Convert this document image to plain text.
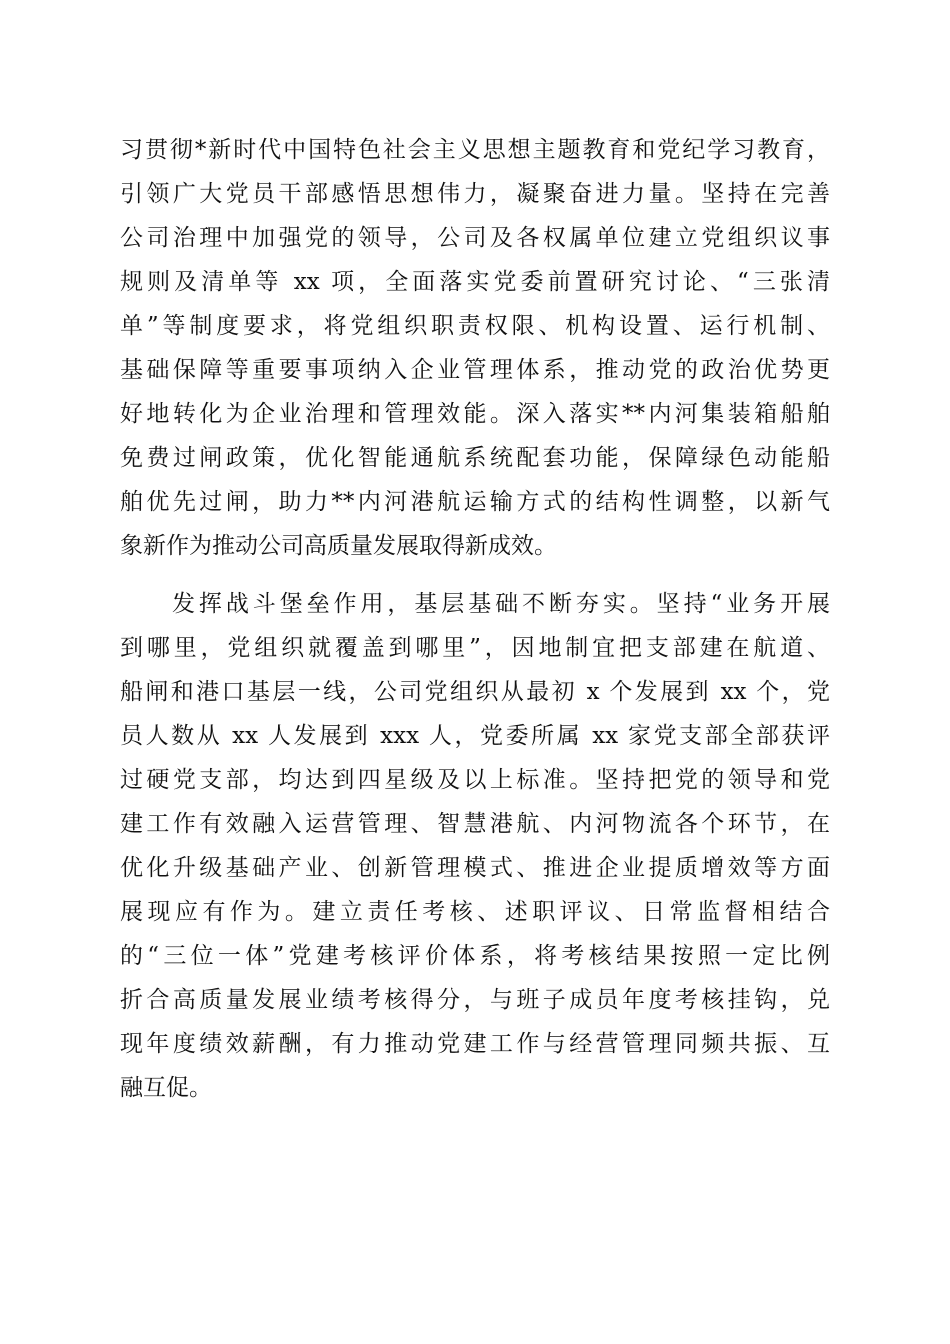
习贯彻*新时代中国特色社会主义思想主题教育和党纪学习教育，
引领广大党员干部感悟思想伟力，凝聚奋进力量。坚持在完善
公司治理中加强党的领导，公司及各权属单位建立党组织议事
规则及清单等 xx 项，全面落实党委前置研究讨论、“三张清
单”等制度要求，将党组织职责权限、机构设置、运行机制、
基础保障等重要事项纳入企业管理体系，推动党的政治优势更
好地转化为企业治理和管理效能。深入落实**内河集装箱船舶
免费过闸政策，优化智能通航系统配套功能，保障绿色动能船
舶优先过闸，助力**内河港航运输方式的结构性调整，以新气
象新作为推动公司高质量发展取得新成效。
发挥战斗堡垒作用，基层基础不断夯实。坚持“业务开展
到哪里，党组织就覆盖到哪里”，因地制宜把支部建在航道、
船闸和港口基层一线，公司党组织从最初 x 个发展到 xx 个，党
员人数从 xx 人发展到 xxx 人，党委所属 xx 家党支部全部获评
过硬党支部，均达到四星级及以上标准。坚持把党的领导和党
建工作有效融入运营管理、智慧港航、内河物流各个环节，在
优化升级基础产业、创新管理模式、推进企业提质增效等方面
展现应有作为。建立责任考核、述职评议、日常监督相结合
的“三位一体”党建考核评价体系，将考核结果按照一定比例
折合高质量发展业绩考核得分，与班子成员年度考核挂钩，兑
现年度绩效薪酬，有力推动党建工作与经营管理同频共振、互
融互促。
